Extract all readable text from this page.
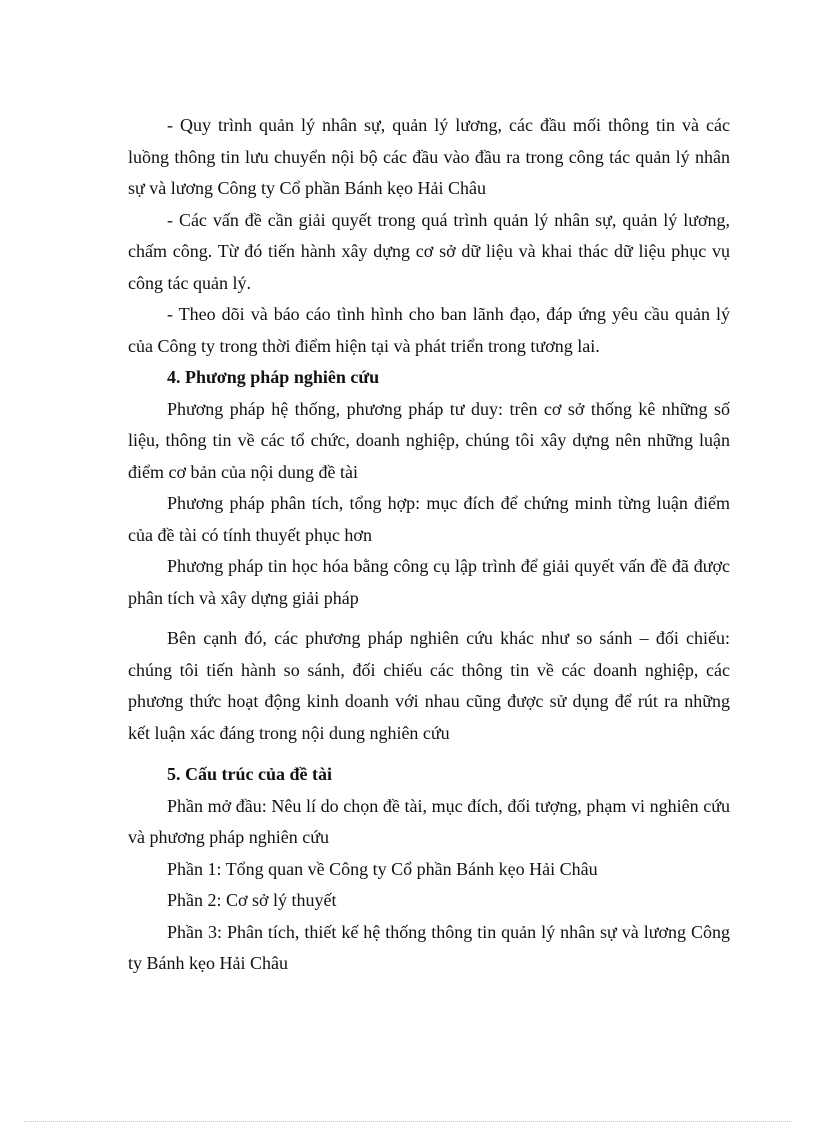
- Quy trình quản lý nhân sự, quản lý lương, các đầu mối thông tin và các luồng thông tin lưu chuyển nội bộ các đầu vào đầu ra trong công tác quản lý nhân sự và lương Công ty Cổ phần Bánh kẹo Hải Châu

- Các vấn đề cần giải quyết trong quá trình quản lý nhân sự, quản lý lương, chấm công. Từ đó tiến hành xây dựng cơ sở dữ liệu và khai thác dữ liệu phục vụ công tác quản lý.

- Theo dõi và báo cáo tình hình cho ban lãnh đạo, đáp ứng yêu cầu quản lý của Công ty trong thời điểm hiện tại và phát triển trong tương lai.

4. Phương pháp nghiên cứu

Phương pháp hệ thống, phương pháp tư duy: trên cơ sở thống kê những số liệu, thông tin về các tổ chức, doanh nghiệp, chúng tôi xây dựng nên những luận điểm cơ bản của nội dung đề tài

Phương pháp phân tích, tổng hợp: mục đích để chứng minh từng luận điểm của đề tài có tính thuyết phục hơn

Phương pháp tin học hóa bằng công cụ lập trình để giải quyết vấn đề đã được phân tích và xây dựng giải pháp

Bên cạnh đó, các phương pháp nghiên cứu khác như so sánh – đối chiếu: chúng tôi tiến hành so sánh, đối chiếu các thông tin về các doanh nghiệp, các phương thức hoạt động kinh doanh với nhau cũng được sử dụng để rút ra những kết luận xác đáng trong nội dung nghiên cứu

5. Cấu trúc của đề tài

Phần mở đầu: Nêu lí do chọn đề tài, mục đích, đối tượng, phạm vi nghiên cứu và phương pháp nghiên cứu

Phần 1: Tổng quan về Công ty Cổ phần Bánh kẹo Hải Châu

Phần 2: Cơ sở lý thuyết

Phần 3: Phân tích, thiết kế hệ thống thông tin quản lý nhân sự và lương Công ty Bánh kẹo Hải Châu
